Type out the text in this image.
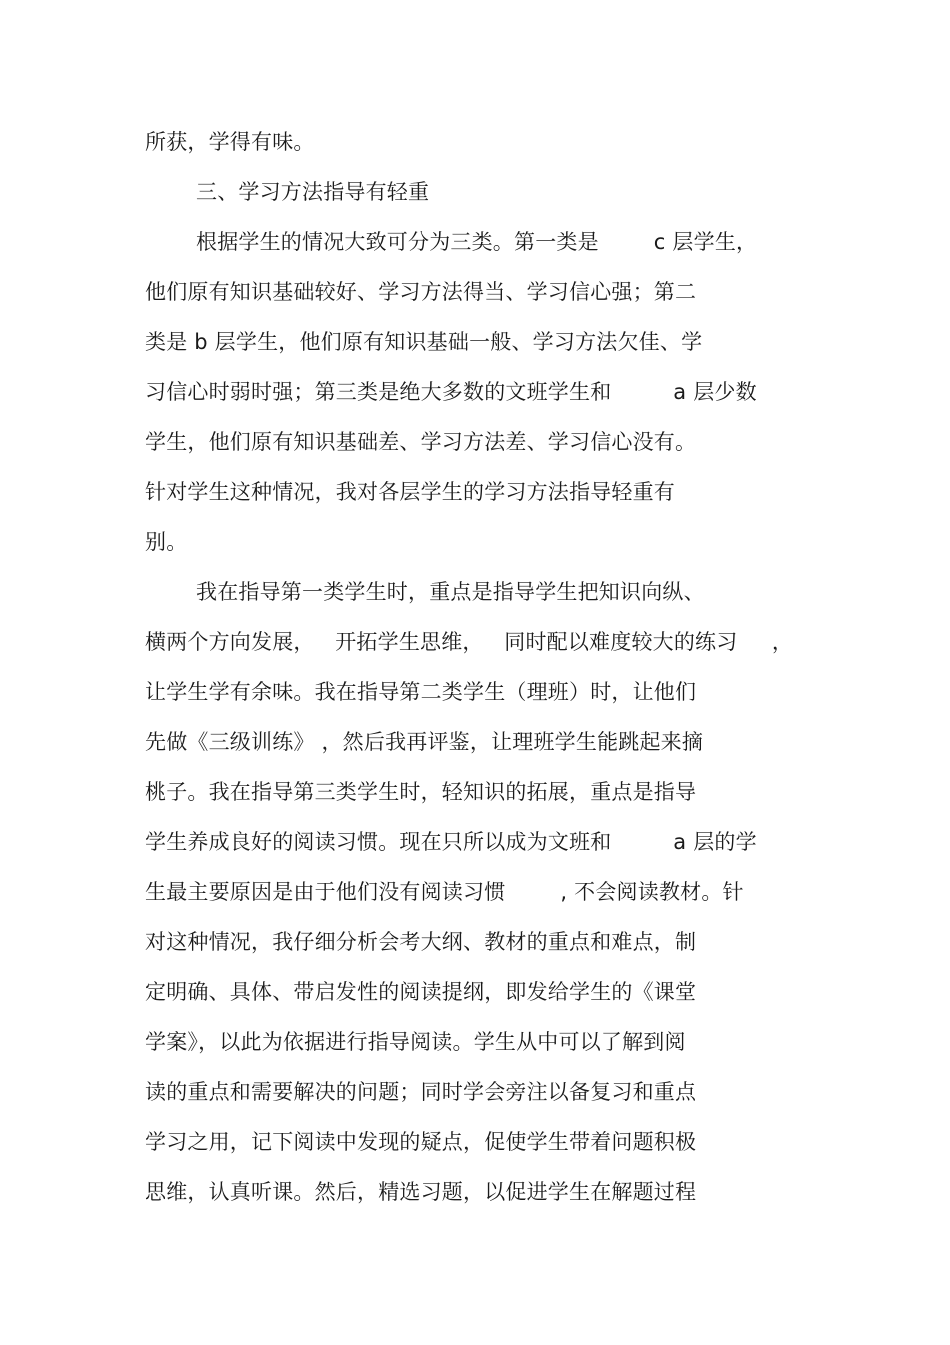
所获，学得有味。
三、学习方法指导有轻重
根据学生的情况大致可分为三类。第一类是        c 层学生，
他们原有知识基础较好、学习方法得当、学习信心强；第二
类是 b 层学生，他们原有知识基础一般、学习方法欠佳、学
习信心时弱时强；第三类是绝大多数的文班学生和         a 层少数
学生，他们原有知识基础差、学习方法差、学习信心没有。
针对学生这种情况，我对各层学生的学习方法指导轻重有
别。
我在指导第一类学生时，重点是指导学生把知识向纵、
横两个方向发展，   开拓学生思维，   同时配以难度较大的练习     ，
让学生学有余味。我在指导第二类学生（理班）时，让他们
先做《三级训练》 ，然后我再评鉴，让理班学生能跳起来摘
桃子。我在指导第三类学生时，轻知识的拓展，重点是指导
学生养成良好的阅读习惯。现在只所以成为文班和         a 层的学
生最主要原因是由于他们没有阅读习惯        , 不会阅读教材。针
对这种情况，我仔细分析会考大纲、教材的重点和难点，制
定明确、具体、带启发性的阅读提纲，即发给学生的《课堂
学案》，以此为依据进行指导阅读。学生从中可以了解到阅
读的重点和需要解决的问题；同时学会旁注以备复习和重点
学习之用，记下阅读中发现的疑点，促使学生带着问题积极
思维，认真听课。然后，精选习题，以促进学生在解题过程
